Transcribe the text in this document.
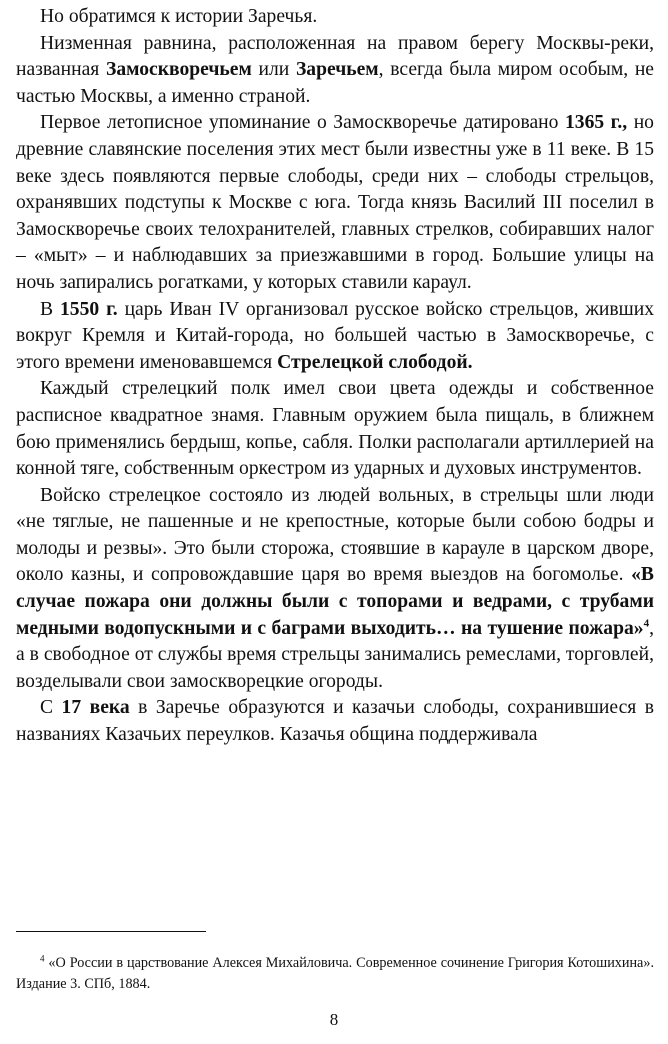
Но обратимся к истории Заречья.

Низменная равнина, расположенная на правом берегу Москвы-реки, названная Замоскворечьем или Заречьем, всегда была миром особым, не частью Москвы, а именно страной.

Первое летописное упоминание о Замоскворечье датировано 1365 г., но древние славянские поселения этих мест были известны уже в 11 веке. В 15 веке здесь появляются первые слободы, среди них – слободы стрельцов, охранявших подступы к Москве с юга. Тогда князь Василий III поселил в Замоскворечье своих телохранителей, главных стрелков, собиравших налог – «мыт» – и наблюдавших за приезжавшими в город. Большие улицы на ночь запирались рогатками, у которых ставили караул.

В 1550 г. царь Иван IV организовал русское войско стрельцов, живших вокруг Кремля и Китай-города, но большей частью в Замоскворечье, с этого времени именовавшемся Стрелецкой слободой.

Каждый стрелецкий полк имел свои цвета одежды и собственное расписное квадратное знамя. Главным оружием была пищаль, в ближнем бою применялись бердыш, копье, сабля. Полки располагали артиллерией на конной тяге, собственным оркестром из ударных и духовых инструментов.

Войско стрелецкое состояло из людей вольных, в стрельцы шли люди «не тяглые, не пашенные и не крепостные, которые были собою бодры и молоды и резвы». Это были сторожа, стоявшие в карауле в царском дворе, около казны, и сопровождавшие царя во время выездов на богомолье. «В случае пожара они должны были с топорами и ведрами, с трубами медными водопускными и с баграми выходить… на тушение пожара»$^4$, а в свободное от службы время стрельцы занимались ремеслами, торговлей, возделывали свои замоскворецкие огороды.

С 17 века в Заречье образуются и казачьи слободы, сохранившиеся в названиях Казачьих переулков. Казачья община поддерживала

$^4$ «О России в царствование Алексея Михайловича. Современное сочинение Григория Котошихина». Издание 3. СПб, 1884.
8
